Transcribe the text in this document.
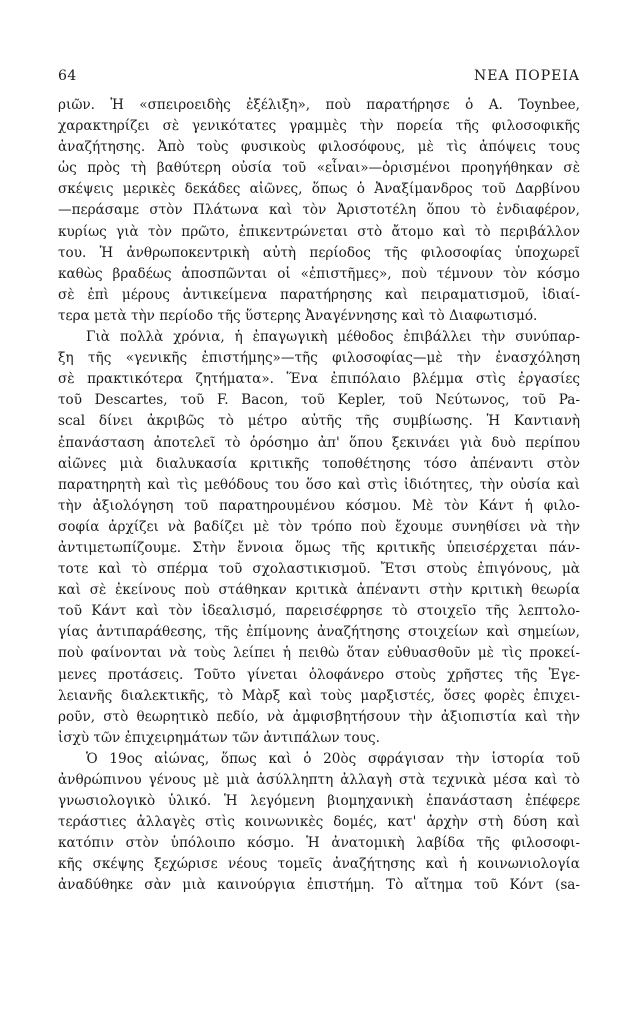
64	ΝΕΑ ΠΟΡΕΙΑ
ριῶν. Ἡ «σπειροειδὴς ἐξέλιξη», ποὺ παρατήρησε ὁ Α. Toynbee,
χαρακτηρίζει σὲ γενικότατες γραμμὲς τὴν πορεία τῆς φιλοσοφικῆς
ἀναζήτησης. Ἀπὸ τοὺς φυσικοὺς φιλοσόφους, μὲ τὶς ἀπόψεις τους
ὡς πρὸς τὴ βαθύτερη οὐσία τοῦ «εἶναι»—ὁρισμένοι προηγήθηκαν σὲ
σκέψεις μερικὲς δεκάδες αἰῶνες, ὅπως ὁ Ἀναξίμανδρος τοῦ Δαρβίνου
—περάσαμε στὸν Πλάτωνα καὶ τὸν Ἀριστοτέλη ὅπου τὸ ἐνδιαφέρον,
κυρίως γιὰ τὸν πρῶτο, ἐπικεντρώνεται στὸ ἄτομο καὶ τὸ περιβάλλον
του. Ἡ ἀνθρωποκεντρικὴ αὐτὴ περίοδος τῆς φιλοσοφίας ὑποχωρεῖ
καθὼς βραδέως ἀποσπῶνται οἱ «ἐπιστῆμες», ποὺ τέμνουν τὸν κόσμο
σὲ ἐπὶ μέρους ἀντικείμενα παρατήρησης καὶ πειραματισμοῦ, ἰδιαί-
τερα μετὰ τὴν περίοδο τῆς ὕστερης Ἀναγέννησης καὶ τὸ Διαφωτισμό.
Γιὰ πολλὰ χρόνια, ἡ ἐπαγωγικὴ μέθοδος ἐπιβάλλει τὴν συνύπαρ-
ξη τῆς «γενικῆς ἐπιστήμης»—τῆς φιλοσοφίας—μὲ τὴν ἐνασχόληση
σὲ πρακτικότερα ζητήματα». Ἕνα ἐπιπόλαιο βλέμμα στὶς ἐργασίες
τοῦ Descartes, τοῦ F. Bacon, τοῦ Kepler, τοῦ Νεύτωνος, τοῦ Pa-
scal δίνει ἀκριβῶς τὸ μέτρο αὐτῆς τῆς συμβίωσης. Ἡ Καντιανὴ
ἐπανάσταση ἀποτελεῖ τὸ ὁρόσημο ἀπ' ὅπου ξεκινάει γιὰ δυὸ περίπου
αἰῶνες μιὰ διαλυκασία κριτικῆς τοποθέτησης τόσο ἀπέναντι στὸν
παρατηρητὴ καὶ τὶς μεθόδους του ὅσο καὶ στὶς ἰδιότητες, τὴν οὐσία καὶ
τὴν ἀξιολόγηση τοῦ παρατηρουμένου κόσμου. Μὲ τὸν Κάντ ἡ φιλο-
σοφία ἀρχίζει νὰ βαδίζει μὲ τὸν τρόπο ποὺ ἔχουμε συνηθίσει νὰ τὴν
ἀντιμετωπίζουμε. Στὴν ἔννοια ὅμως τῆς κριτικῆς ὑπεισέρχεται πάν-
τοτε καὶ τὸ σπέρμα τοῦ σχολαστικισμοῦ. Ἔτσι στοὺς ἐπιγόνους, μὰ
καὶ σὲ ἐκείνους ποὺ στάθηκαν κριτικὰ ἀπέναντι στὴν κριτικὴ θεωρία
τοῦ Κάντ καὶ τὸν ἰδεαλισμό, παρεισέφρησε τὸ στοιχεῖο τῆς λεπτολο-
γίας ἀντιπαράθεσης, τῆς ἐπίμονης ἀναζήτησης στοιχείων καὶ σημείων,
ποὺ φαίνονται νὰ τοὺς λείπει ἡ πειθὼ ὅταν εὐθυασθοῦν μὲ τὶς προκεί-
μενες προτάσεις. Τοῦτο γίνεται ὁλοφάνερο στοὺς χρῆστες τῆς Ἐγε-
λειανῆς διαλεκτικῆς, τὸ Μὰρξ καὶ τοὺς μαρξιστές, ὅσες φορὲς ἐπιχει-
ροῦν, στὸ θεωρητικὸ πεδίο, νὰ ἀμφισβητήσουν τὴν ἀξιοπιστία καὶ τὴν
ἰσχὺ τῶν ἐπιχειρημάτων τῶν ἀντιπάλων τους.
Ὁ 19ος αἰώνας, ὅπως καὶ ὁ 20ὸς σφράγισαν τὴν ἱστορία τοῦ
ἀνθρώπινου γένους μὲ μιὰ ἀσύλληπτη ἀλλαγὴ στὰ τεχνικὰ μέσα καὶ τὸ
γνωσιολογικὸ ὑλικό. Ἡ λεγόμενη βιομηχανικὴ ἐπανάσταση ἐπέφερε
τεράστιες ἀλλαγὲς στὶς κοινωνικὲς δομές, κατ' ἀρχὴν στὴ δύση καὶ
κατόπιν στὸν ὑπόλοιπο κόσμο. Ἡ ἀνατομικὴ λαβίδα τῆς φιλοσοφι-
κῆς σκέψης ξεχώρισε νέους τομεῖς ἀναζήτησης καὶ ἡ κοινωνιολογία
ἀναδύθηκε σὰν μιὰ καινούργια ἐπιστήμη. Τὸ αἴτημα τοῦ Κόντ (sa-
